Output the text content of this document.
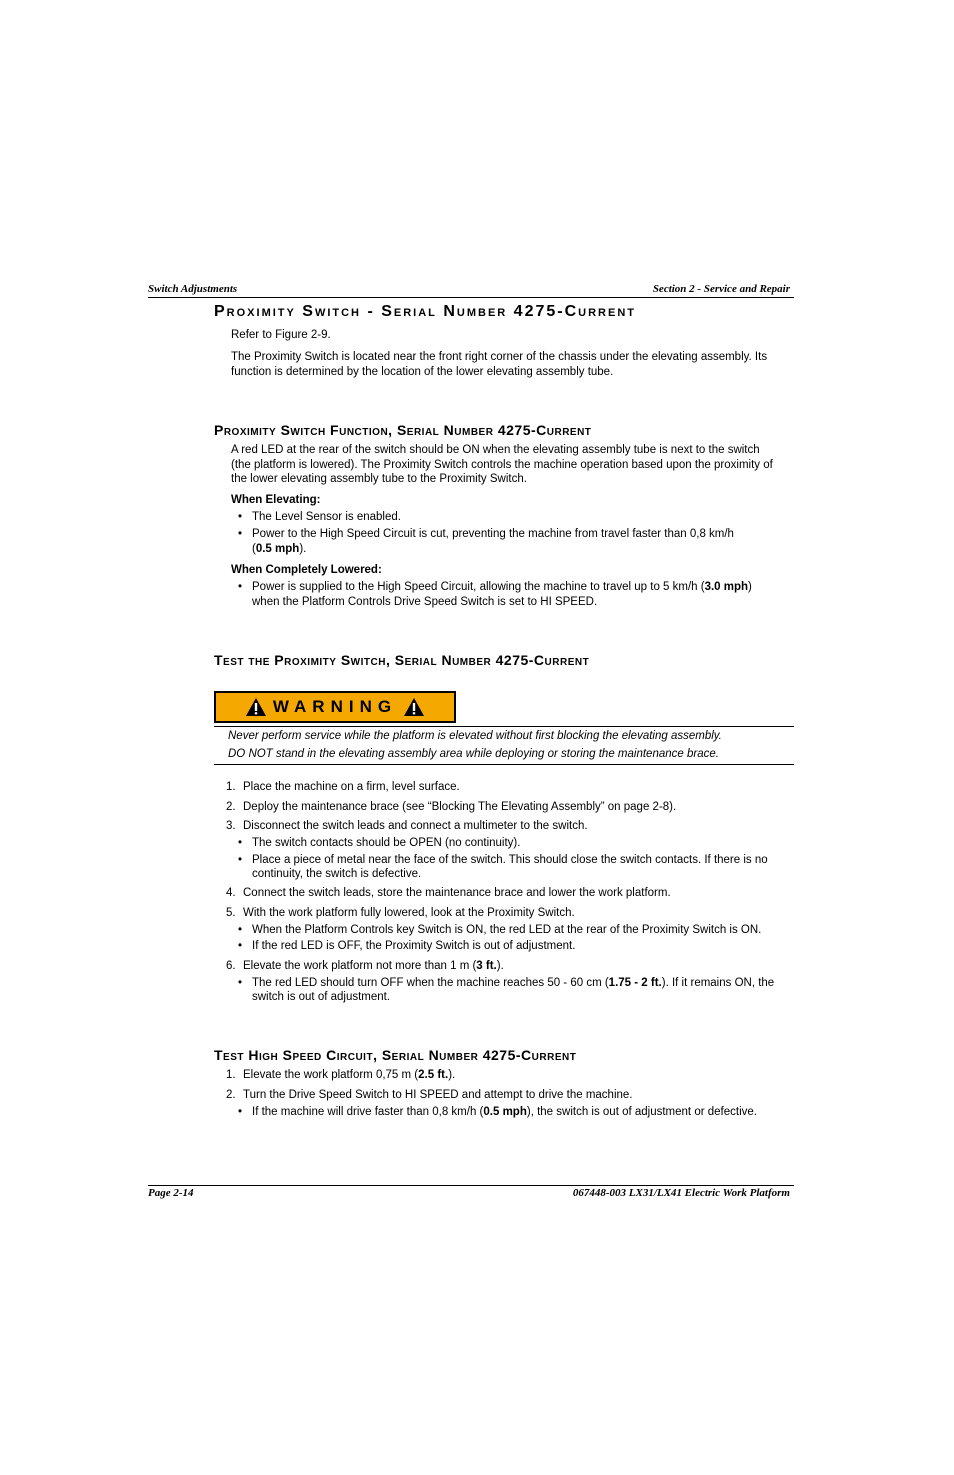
Switch Adjustments	Section 2 - Service and Repair
Proximity Switch - Serial Number 4275-Current
Refer to Figure 2-9.
The Proximity Switch is located near the front right corner of the chassis under the elevating assembly. Its
function is determined by the location of the lower elevating assembly tube.
Proximity Switch Function, Serial Number 4275-Current
A red LED at the rear of the switch should be ON when the elevating assembly tube is next to the switch
(the platform is lowered). The Proximity Switch controls the machine operation based upon the proximity of
the lower elevating assembly tube to the Proximity Switch.
When Elevating:
• The Level Sensor is enabled.
• Power to the High Speed Circuit is cut, preventing the machine from travel faster than 0,8 km/h
(0.5 mph).
When Completely Lowered:
• Power is supplied to the High Speed Circuit, allowing the machine to travel up to 5 km/h (3.0 mph)
when the Platform Controls Drive Speed Switch is set to HI SPEED.
Test the Proximity Switch, Serial Number 4275-Current
WARNING
Never perform service while the platform is elevated without first blocking the elevating assembly.
DO NOT stand in the elevating assembly area while deploying or storing the maintenance brace.
1. Place the machine on a firm, level surface.
2. Deploy the maintenance brace (see “Blocking The Elevating Assembly” on page 2-8).
3. Disconnect the switch leads and connect a multimeter to the switch.
• The switch contacts should be OPEN (no continuity).
• Place a piece of metal near the face of the switch. This should close the switch contacts. If there is no
continuity, the switch is defective.
4. Connect the switch leads, store the maintenance brace and lower the work platform.
5. With the work platform fully lowered, look at the Proximity Switch.
• When the Platform Controls key Switch is ON, the red LED at the rear of the Proximity Switch is ON.
• If the red LED is OFF, the Proximity Switch is out of adjustment.
6. Elevate the work platform not more than 1 m (3 ft.).
• The red LED should turn OFF when the machine reaches 50 - 60 cm (1.75 - 2 ft.). If it remains ON, the
switch is out of adjustment.
Test High Speed Circuit, Serial Number 4275-Current
1. Elevate the work platform 0,75 m (2.5 ft.).
2. Turn the Drive Speed Switch to HI SPEED and attempt to drive the machine.
• If the machine will drive faster than 0,8 km/h (0.5 mph), the switch is out of adjustment or defective.
Page 2-14	067448-003 LX31/LX41 Electric Work Platform
